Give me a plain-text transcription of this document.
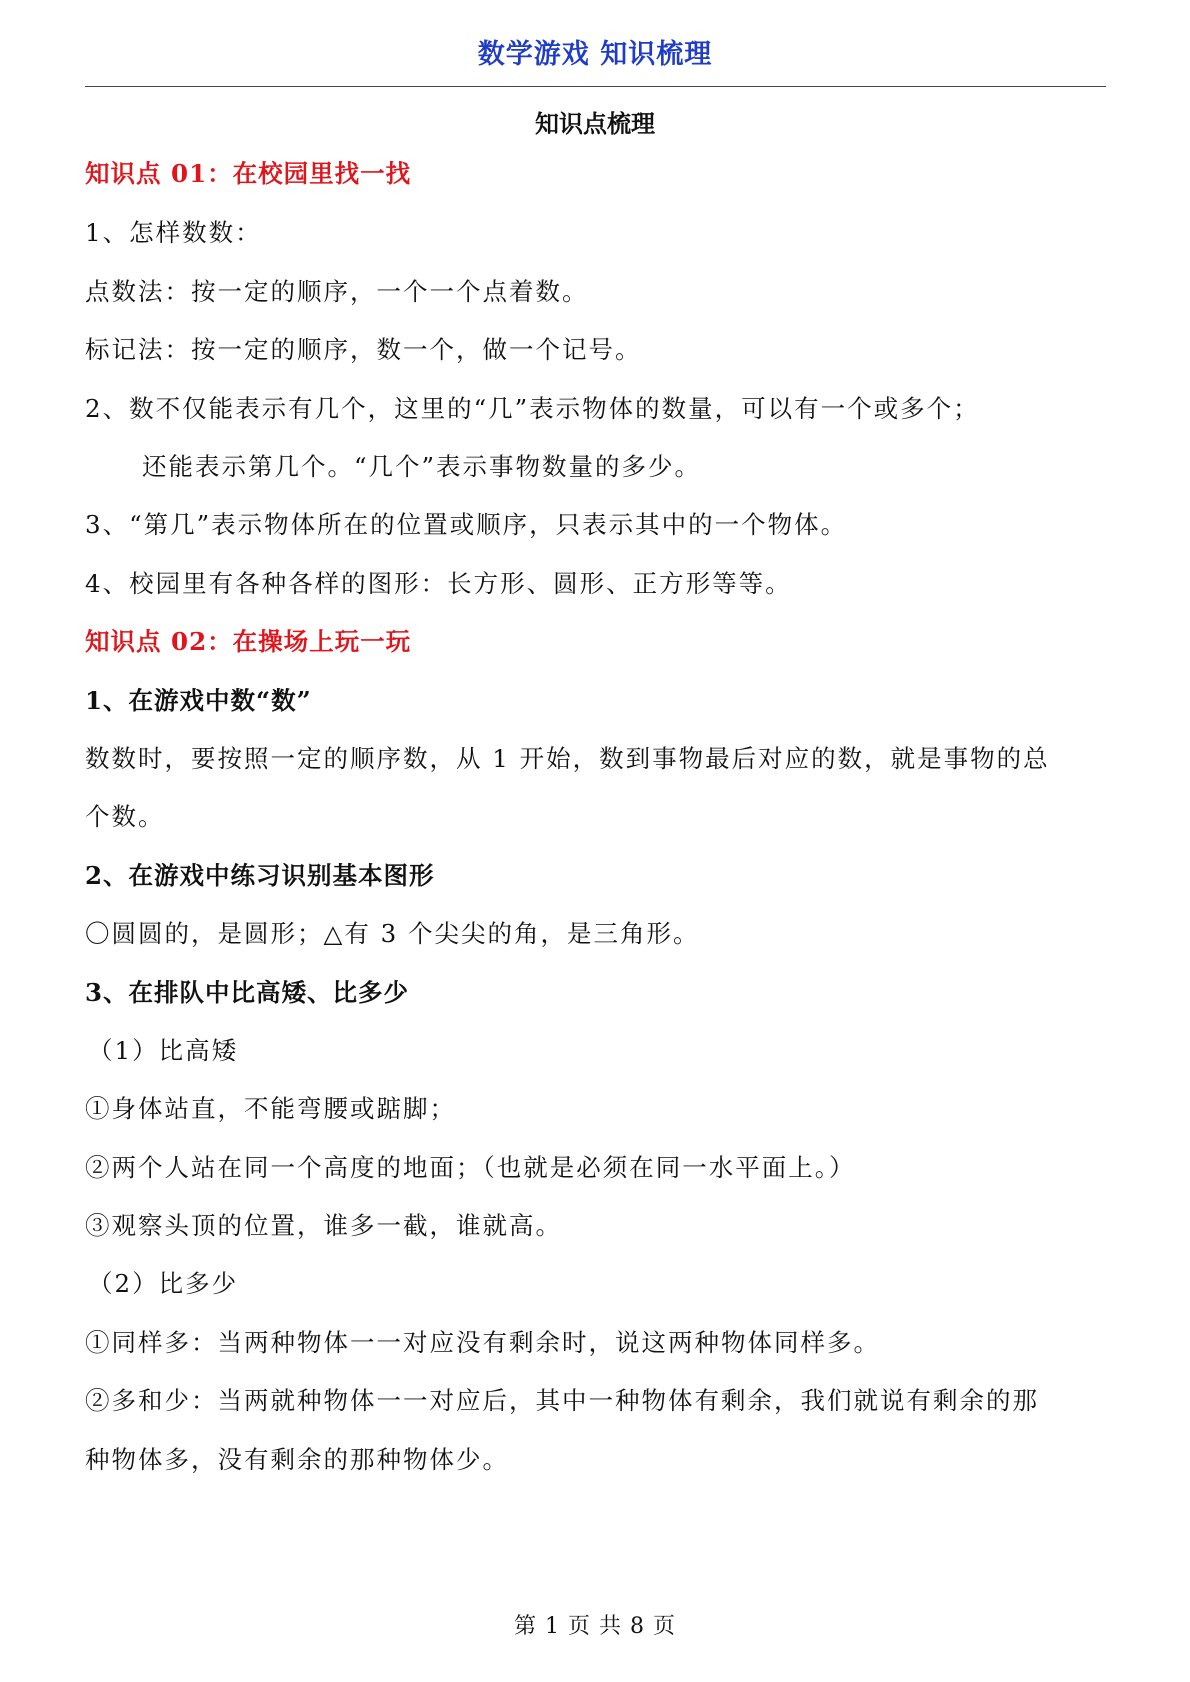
数学游戏 知识梳理
知识点梳理
知识点 01：在校园里找一找
1、怎样数数：
点数法：按一定的顺序，一个一个点着数。
标记法：按一定的顺序，数一个，做一个记号。
2、数不仅能表示有几个，这里的“几”表示物体的数量，可以有一个或多个；
还能表示第几个。“几个”表示事物数量的多少。
3、“第几”表示物体所在的位置或顺序，只表示其中的一个物体。
4、校园里有各种各样的图形：长方形、圆形、正方形等等。
知识点 02：在操场上玩一玩
1、在游戏中数“数”
数数时，要按照一定的顺序数，从 1 开始，数到事物最后对应的数，就是事物的总
个数。
2、在游戏中练习识别基本图形
〇圆圆的，是圆形；△有 3 个尖尖的角，是三角形。
3、在排队中比高矮、比多少
（1）比高矮
①身体站直，不能弯腰或踮脚；
②两个人站在同一个高度的地面；（也就是必须在同一水平面上。）
③观察头顶的位置，谁多一截，谁就高。
（2）比多少
①同样多：当两种物体一一对应没有剩余时，说这两种物体同样多。
②多和少：当两就种物体一一对应后，其中一种物体有剩余，我们就说有剩余的那
种物体多，没有剩余的那种物体少。
第 1 页 共 8 页
